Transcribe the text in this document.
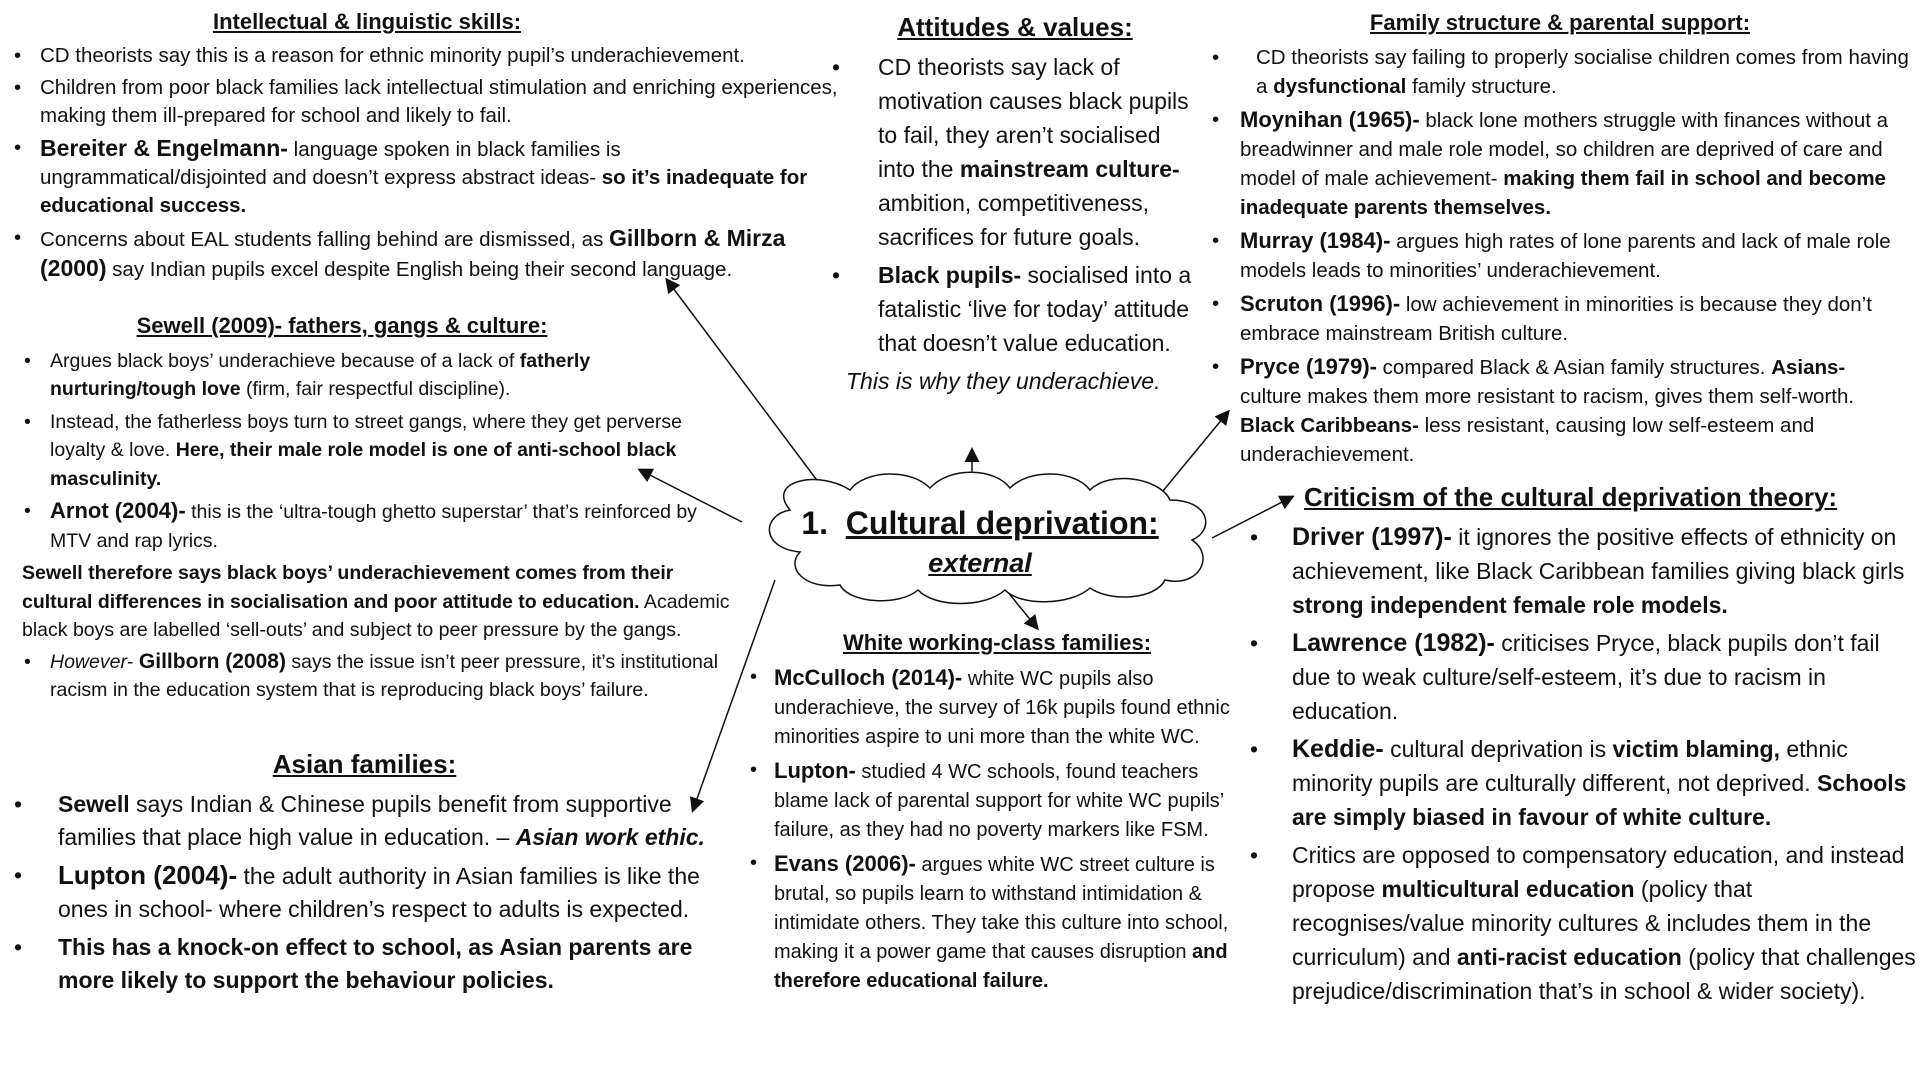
1. Cultural deprivation:
external
Intellectual & linguistic skills:
• CD theorists say this is a reason for ethnic minority pupil’s underachievement.
• Children from poor black families lack intellectual stimulation and enriching experiences, making them ill-prepared for school and likely to fail.
• Bereiter & Engelmann- language spoken in black families is ungrammatical/disjointed and doesn’t express abstract ideas- so it’s inadequate for educational success.
• Concerns about EAL students falling behind are dismissed, as Gillborn & Mirza (2000) say Indian pupils excel despite English being their second language.
Attitudes & values:
• CD theorists say lack of motivation causes black pupils to fail, they aren’t socialised into the mainstream culture- ambition, competitiveness, sacrifices for future goals.
• Black pupils- socialised into a fatalistic ‘live for today’ attitude that doesn’t value education.
This is why they underachieve.
Family structure & parental support:
• CD theorists say failing to properly socialise children comes from having a dysfunctional family structure.
• Moynihan (1965)- black lone mothers struggle with finances without a breadwinner and male role model, so children are deprived of care and model of male achievement- making them fail in school and become inadequate parents themselves.
• Murray (1984)- argues high rates of lone parents and lack of male role models leads to minorities’ underachievement.
• Scruton (1996)- low achievement in minorities is because they don’t embrace mainstream British culture.
• Pryce (1979)- compared Black & Asian family structures. Asians- culture makes them more resistant to racism, gives them self-worth. Black Caribbeans- less resistant, causing low self-esteem and underachievement.
Sewell (2009)- fathers, gangs & culture:
• Argues black boys’ underachieve because of a lack of fatherly nurturing/tough love (firm, fair respectful discipline).
• Instead, the fatherless boys turn to street gangs, where they get perverse loyalty & love. Here, their male role model is one of anti-school black masculinity.
• Arnot (2004)- this is the ‘ultra-tough ghetto superstar’ that’s reinforced by MTV and rap lyrics.
Sewell therefore says black boys’ underachievement comes from their cultural differences in socialisation and poor attitude to education. Academic black boys are labelled ‘sell-outs’ and subject to peer pressure by the gangs.
• However- Gillborn (2008) says the issue isn’t peer pressure, it’s institutional racism in the education system that is reproducing black boys’ failure.
Asian families:
• Sewell says Indian & Chinese pupils benefit from supportive families that place high value in education. – Asian work ethic.
• Lupton (2004)- the adult authority in Asian families is like the ones in school- where children’s respect to adults is expected.
• This has a knock-on effect to school, as Asian parents are more likely to support the behaviour policies.
White working-class families:
• McCulloch (2014)- white WC pupils also underachieve, the survey of 16k pupils found ethnic minorities aspire to uni more than the white WC.
• Lupton- studied 4 WC schools, found teachers blame lack of parental support for white WC pupils’ failure, as they had no poverty markers like FSM.
• Evans (2006)- argues white WC street culture is brutal, so pupils learn to withstand intimidation & intimidate others. They take this culture into school, making it a power game that causes disruption and therefore educational failure.
Criticism of the cultural deprivation theory:
• Driver (1997)- it ignores the positive effects of ethnicity on achievement, like Black Caribbean families giving black girls strong independent female role models.
• Lawrence (1982)- criticises Pryce, black pupils don’t fail due to weak culture/self-esteem, it’s due to racism in education.
• Keddie- cultural deprivation is victim blaming, ethnic minority pupils are culturally different, not deprived. Schools are simply biased in favour of white culture.
• Critics are opposed to compensatory education, and instead propose multicultural education (policy that recognises/value minority cultures & includes them in the curriculum) and anti-racist education (policy that challenges prejudice/discrimination that’s in school & wider society).
